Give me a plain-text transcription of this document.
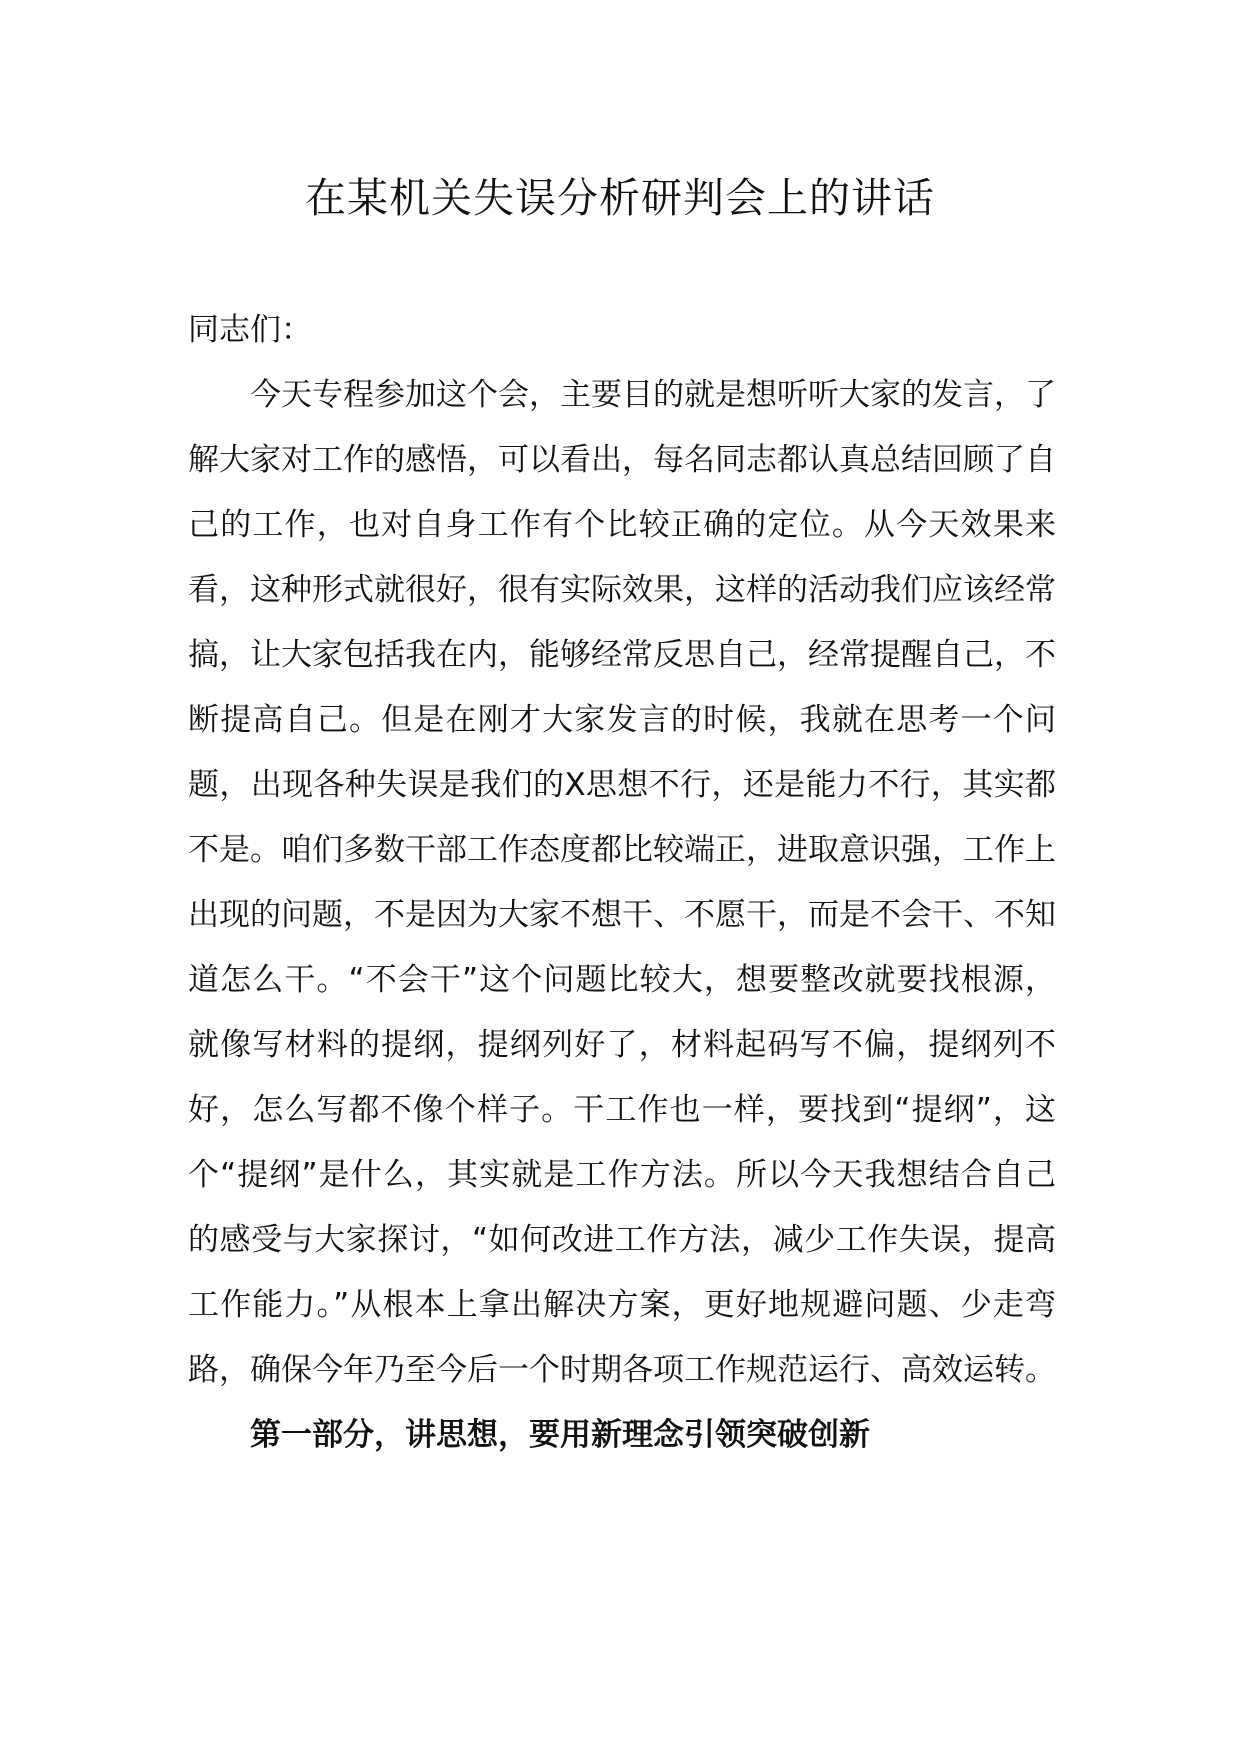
在某机关失误分析研判会上的讲话

同志们：

今天专程参加这个会，主要目的就是想听听大家的发言，了解大家对工作的感悟，可以看出，每名同志都认真总结回顾了自己的工作，也对自身工作有个比较正确的定位。从今天效果来看，这种形式就很好，很有实际效果，这样的活动我们应该经常搞，让大家包括我在内，能够经常反思自己，经常提醒自己，不断提高自己。但是在刚才大家发言的时候，我就在思考一个问题，出现各种失误是我们的X思想不行，还是能力不行，其实都不是。咱们多数干部工作态度都比较端正，进取意识强，工作上出现的问题，不是因为大家不想干、不愿干，而是不会干、不知道怎么干。“不会干”这个问题比较大，想要整改就要找根源，就像写材料的提纲，提纲列好了，材料起码写不偏，提纲列不好，怎么写都不像个样子。干工作也一样，要找到“提纲”，这个“提纲”是什么，其实就是工作方法。所以今天我想结合自己的感受与大家探讨，“如何改进工作方法，减少工作失误，提高工作能力。”从根本上拿出解决方案，更好地规避问题、少走弯路，确保今年乃至今后一个时期各项工作规范运行、高效运转。

第一部分，讲思想，要用新理念引领突破创新
